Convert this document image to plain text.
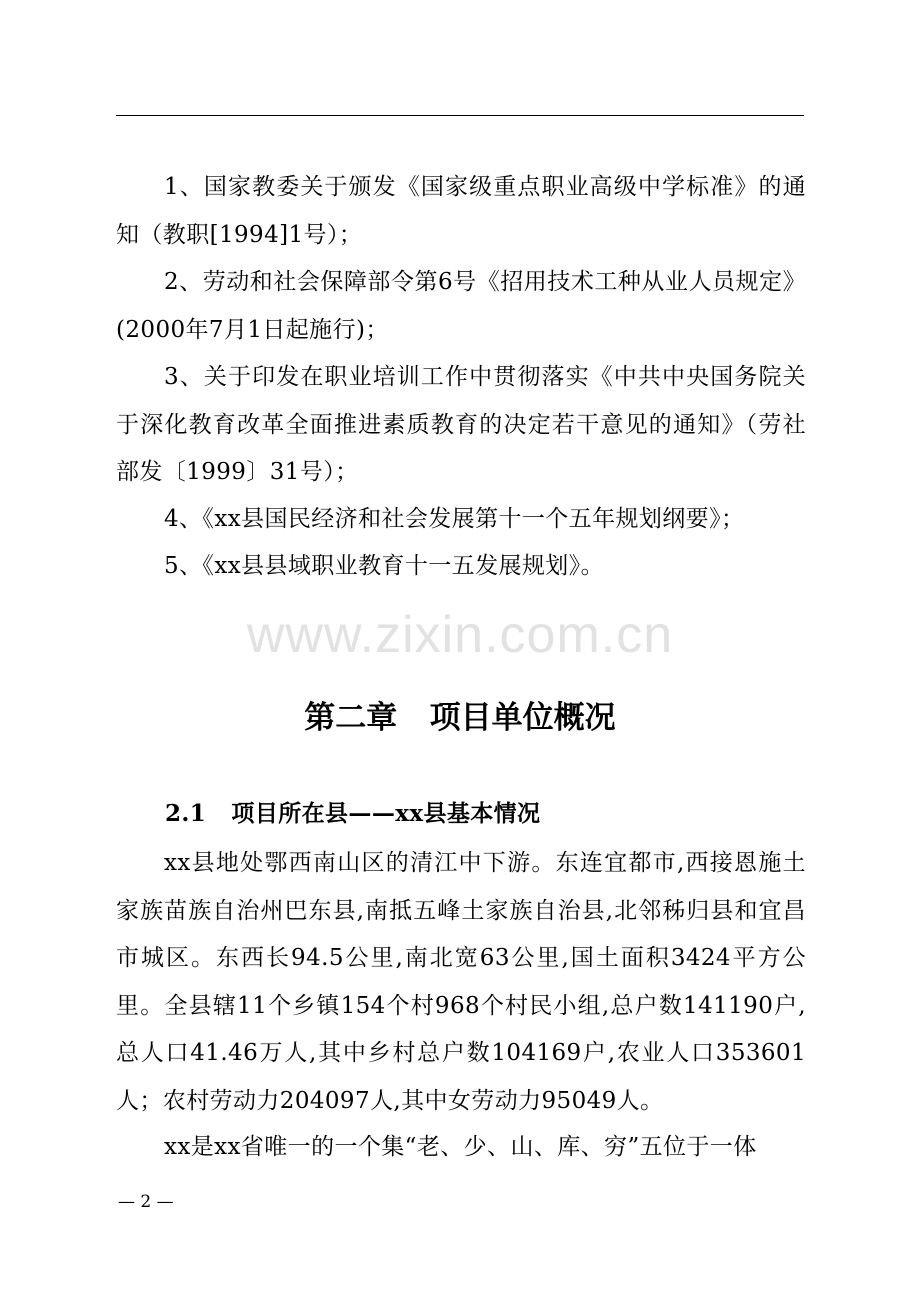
1、国家教委关于颁发《国家级重点职业高级中学标准》的通知（教职[1994]1号）；

2、劳动和社会保障部令第6号《招用技术工种从业人员规定》(2000年7月1日起施行)；

3、关于印发在职业培训工作中贯彻落实《中共中央国务院关于深化教育改革全面推进素质教育的决定若干意见的通知》（劳社部发〔1999〕31号）；

4、《xx县国民经济和社会发展第十一个五年规划纲要》；

5、《xx县县域职业教育十一五发展规划》。

www.zixin.com.cn
第二章   项目单位概况
2.1   项目所在县——xx县基本情况

xx县地处鄂西南山区的清江中下游。东连宜都市,西接恩施土家族苗族自治州巴东县,南抵五峰土家族自治县,北邻秭归县和宜昌市城区。东西长94.5公里,南北宽63公里,国土面积3424平方公里。全县辖11个乡镇154个村968个村民小组,总户数141190户,总人口41.46万人,其中乡村总户数104169户,农业人口353601人；农村劳动力204097人,其中女劳动力95049人。

xx是xx省唯一的一个集“老、少、山、库、穷”五位于一体

— 2 —
